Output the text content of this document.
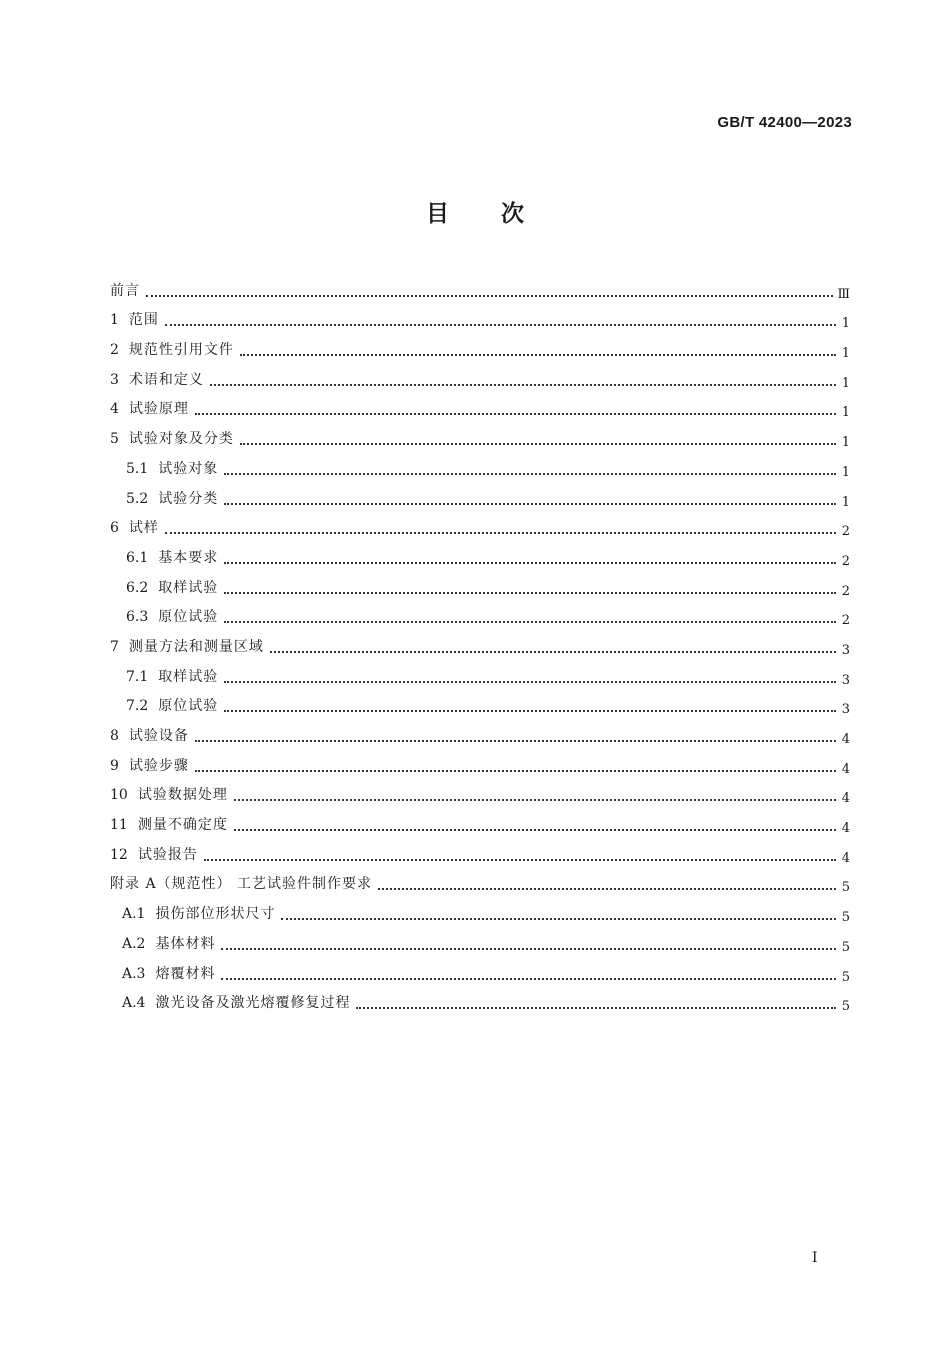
GB/T 42400—2023
目次
前言	Ⅲ
1 范围	1
2 规范性引用文件	1
3 术语和定义	1
4 试验原理	1
5 试验对象及分类	1
5.1 试验对象	1
5.2 试验分类	1
6 试样	2
6.1 基本要求	2
6.2 取样试验	2
6.3 原位试验	2
7 测量方法和测量区域	3
7.1 取样试验	3
7.2 原位试验	3
8 试验设备	4
9 试验步骤	4
10 试验数据处理	4
11 测量不确定度	4
12 试验报告	4
附录 A（规范性） 工艺试验件制作要求	5
A.1 损伤部位形状尺寸	5
A.2 基体材料	5
A.3 熔覆材料	5
A.4 激光设备及激光熔覆修复过程	5
I
